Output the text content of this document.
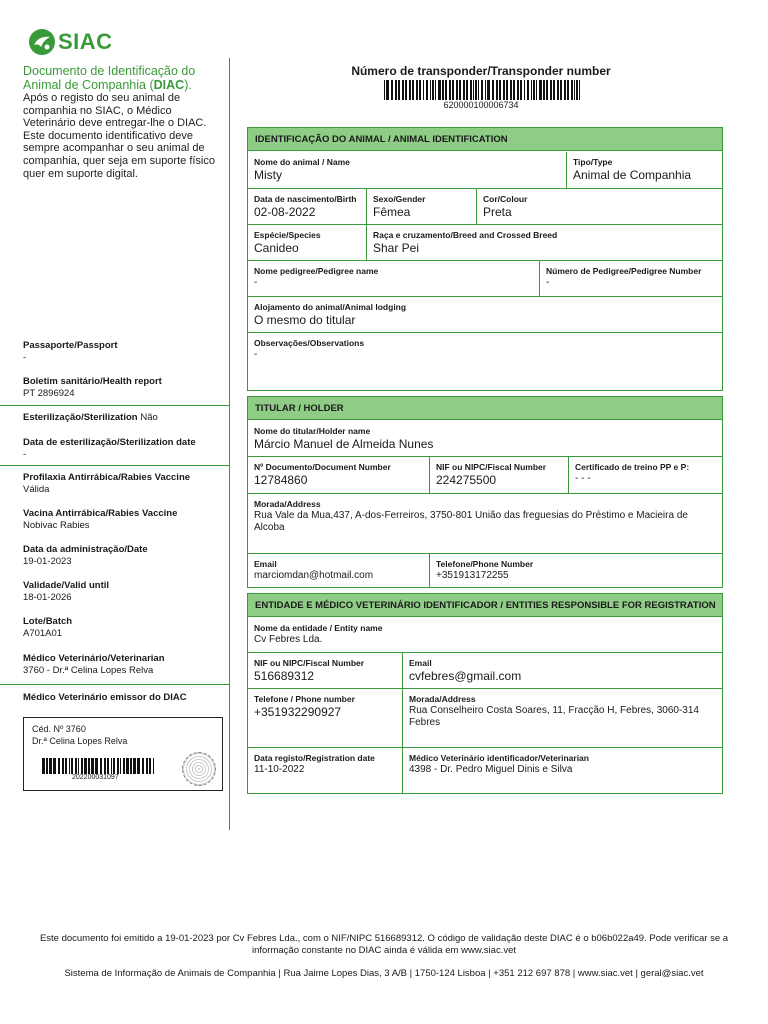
SIAC
Documento de Identificação do Animal de Companhia (DIAC).
Após o registo do seu animal de companhia no SIAC, o Médico Veterinário deve entregar-lhe o DIAC. Este documento identificativo deve sempre acompanhar o seu animal de companhia, quer seja em suporte físico quer em suporte digital.
Passaporte/Passport
-
Boletim sanitário/Health report
PT 2896924
Esterilização/Sterilization Não
Data de esterilização/Sterilization date
-
Profilaxia Antirrábica/Rabies Vaccine
Válida
Vacina Antirrábica/Rabies Vaccine
Nobivac Rabies
Data da administração/Date
19-01-2023
Validade/Valid until
18-01-2026
Lote/Batch
A701A01
Médico Veterinário/Veterinarian
3760 - Dr.ª Celina Lopes Relva
Médico Veterinário emissor do DIAC
Céd. Nº 3760
Dr.ª Celina Lopes Relva
202200031097
Número de transponder/Transponder number
620000100006734
IDENTIFICAÇÃO DO ANIMAL / ANIMAL IDENTIFICATION
Nome do animal / Name
Misty
Tipo/Type
Animal de Companhia
Data de nascimento/Birth
02-08-2022
Sexo/Gender
Fêmea
Cor/Colour
Preta
Espécie/Species
Canideo
Raça e cruzamento/Breed and Crossed Breed
Shar Pei
Nome pedigree/Pedigree name
-
Número de Pedigree/Pedigree Number
-
Alojamento do animal/Animal lodging
O mesmo do titular
Observações/Observations
-
TITULAR / HOLDER
Nome do titular/Holder name
Márcio Manuel de Almeida Nunes
Nº Documento/Document Number
12784860
NIF ou NIPC/Fiscal Number
224275500
Certificado de treino PP e P:
- - -
Morada/Address
Rua Vale da Mua,437, A-dos-Ferreiros, 3750-801 União das freguesias do Préstimo e Macieira de Alcoba
Email
marciomdan@hotmail.com
Telefone/Phone Number
+351913172255
ENTIDADE E MÉDICO VETERINÁRIO IDENTIFICADOR / ENTITIES RESPONSIBLE FOR REGISTRATION
Nome da entidade / Entity name
Cv Febres Lda.
NIF ou NIPC/Fiscal Number
516689312
Email
cvfebres@gmail.com
Telefone / Phone number
+351932290927
Morada/Address
Rua Conselheiro Costa Soares, 11, Fracção H, Febres, 3060-314 Febres
Data registo/Registration date
11-10-2022
Médico Veterinário identificador/Veterinarian
4398 - Dr. Pedro Miguel Dinis e Silva
Este documento foi emitido a 19-01-2023 por Cv Febres Lda., com o NIF/NIPC 516689312. O código de validação deste DIAC é o b06b022a49. Pode verificar se a informação constante no DIAC ainda é válida em www.siac.vet
Sistema de Informação de Animais de Companhia | Rua Jaime Lopes Dias, 3 A/B | 1750-124 Lisboa | +351 212 697 878 | www.siac.vet | geral@siac.vet
